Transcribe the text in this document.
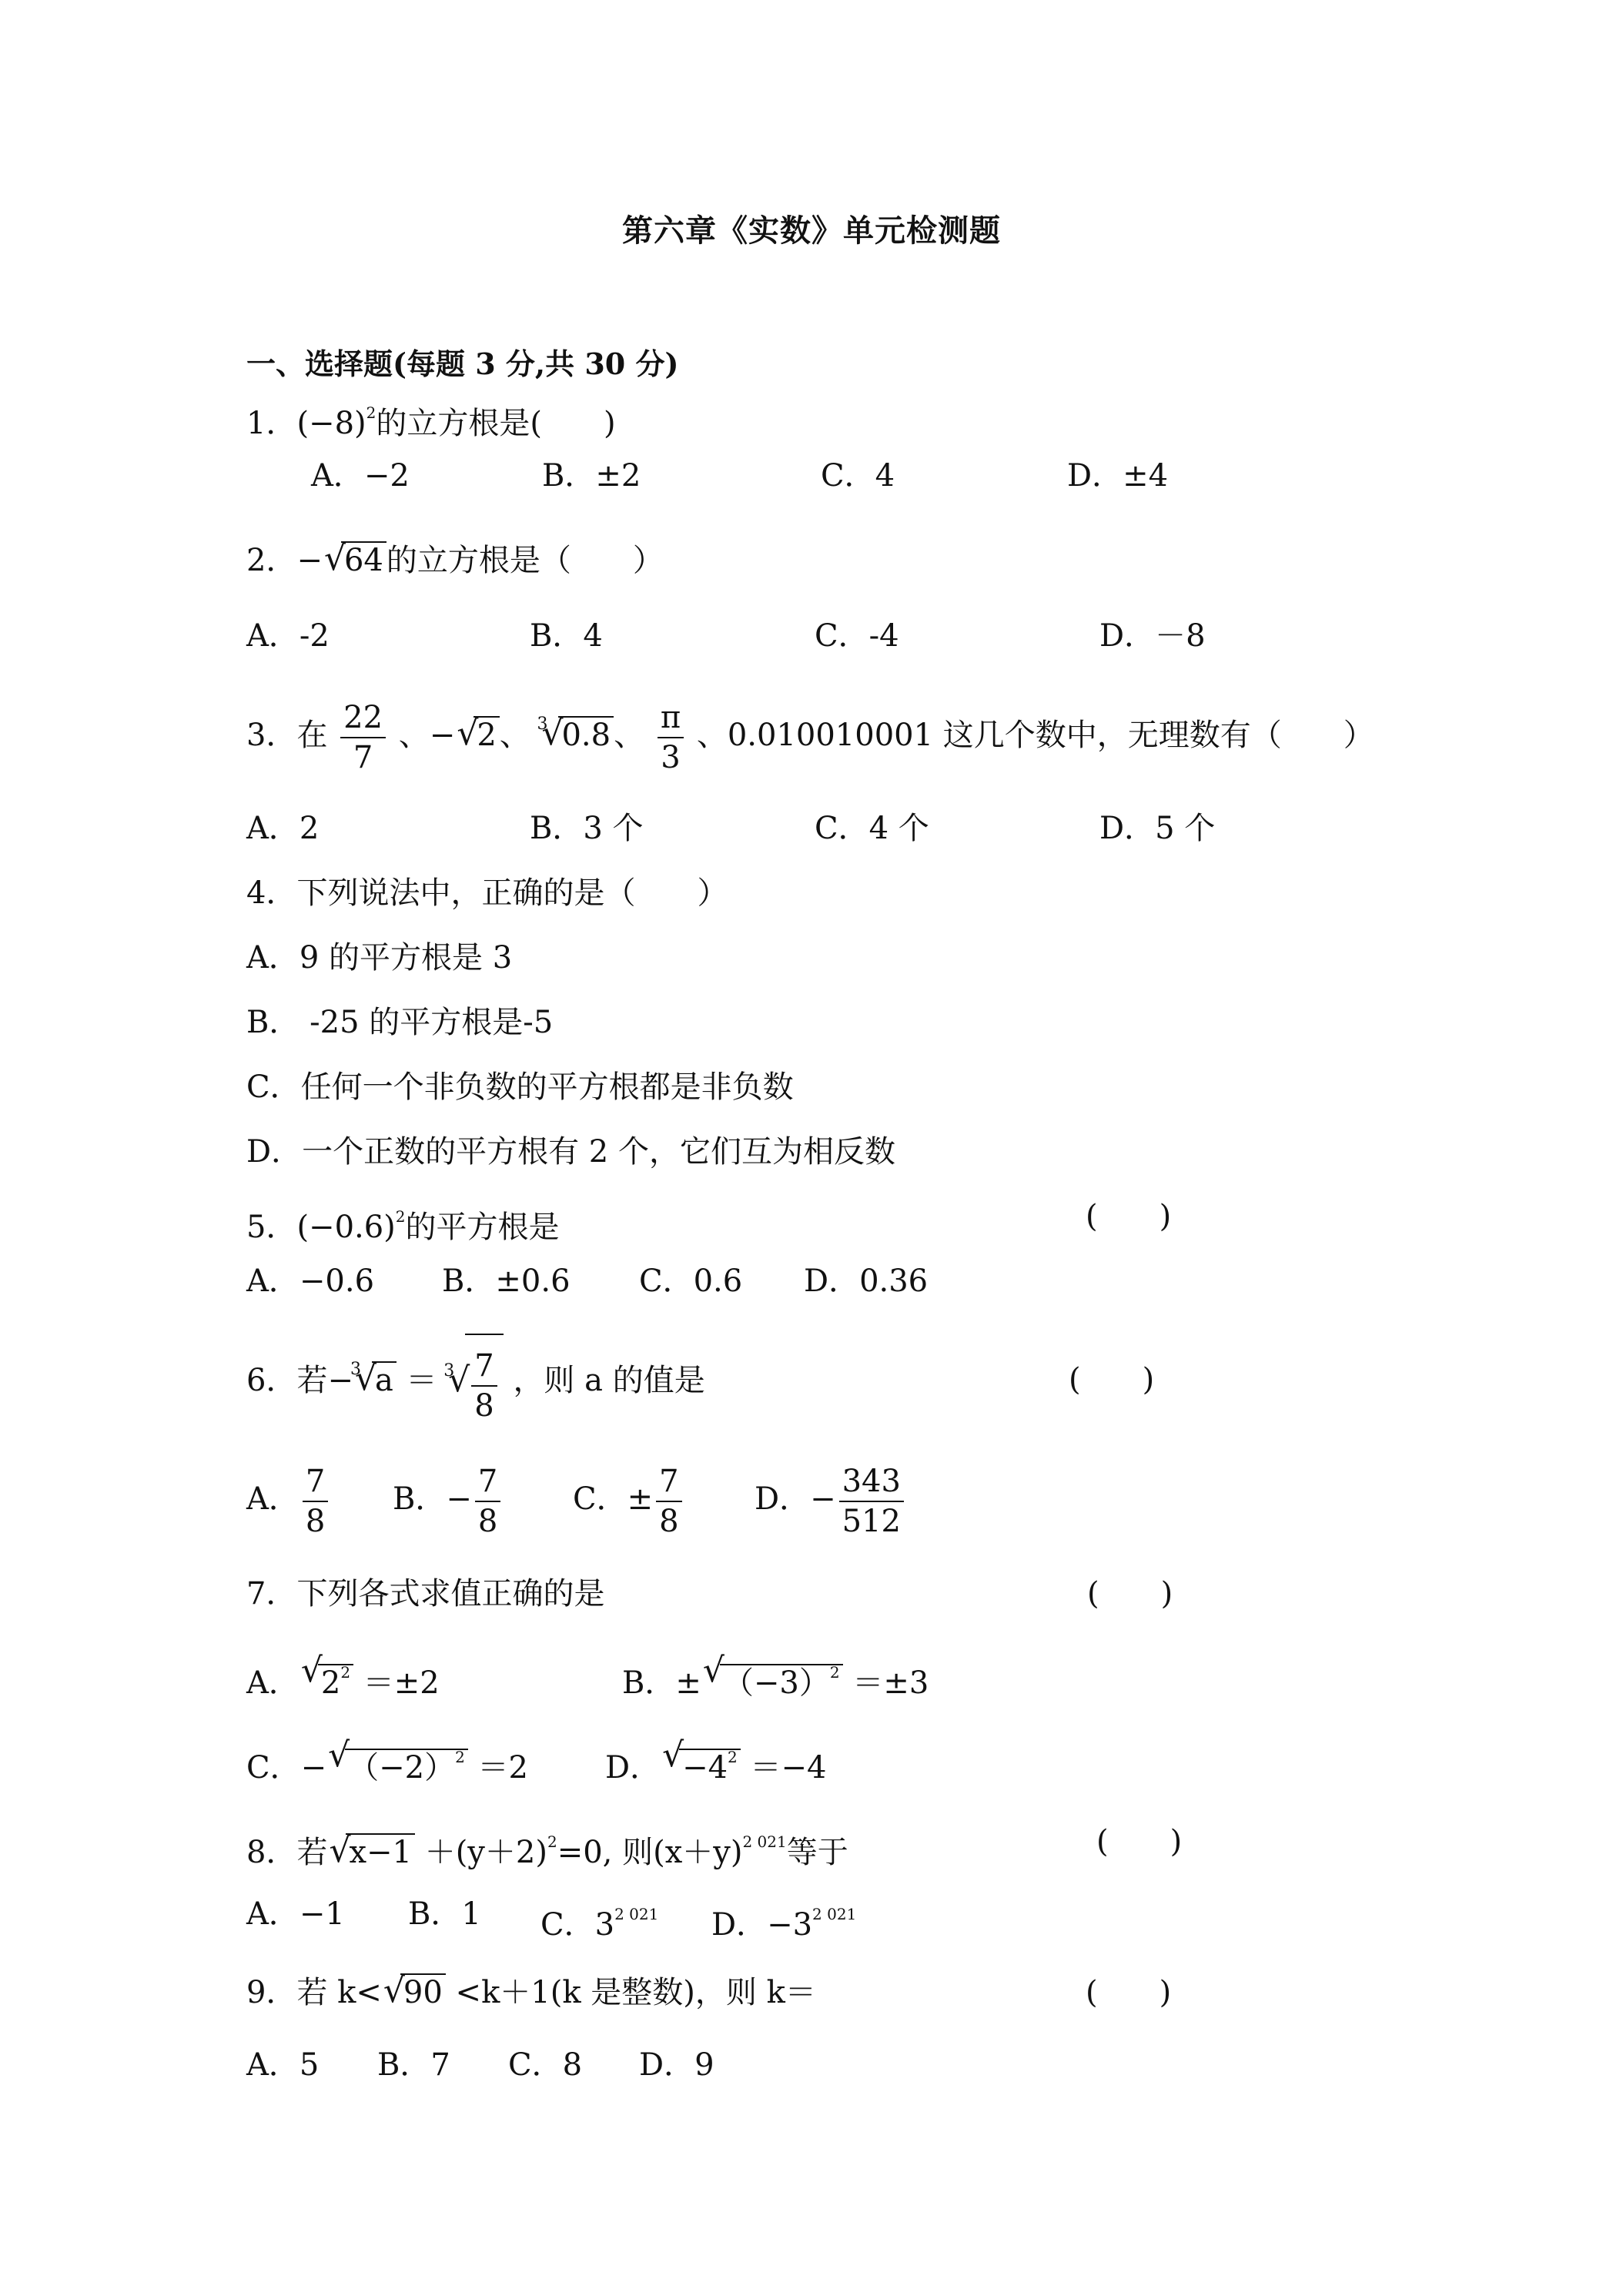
第六章《实数》单元检测题
一、选择题(每题 3 分,共 30 分)
1．$(-8)^2$的立方根是(　　)
A．−2	B．±2	C．4	D．±4
2．− √ 64 的立方根是（　　）
A．-2	B．4	C．-4	D．－8
3．在 $\frac{22}{7}$ 、− √ 2 、 √ 3 0.8 、 $\frac{\pi}{3}$ 、0.010010001 这几个数中，无理数有（　　）
A．2	B．3 个	C．4 个	D．5 个
4．下列说法中，正确的是（　　）
A．9 的平方根是 3
B． -25 的平方根是-5
C．任何一个非负数的平方根都是非负数
D．一个正数的平方根有 2 个，它们互为相反数
5．$(-0.6)^2$的平方根是	(　　)
A．−0.6 B．±0.6 C．0.6 D．0.36
6．若−
√ 3 a ＝ √ $3 \frac{7}{8}$ ，则 a 的值是	(　　)
A． $\frac{7}{8}$ B．− $\frac{7}{8}$ C．± $\frac{7}{8}$ D．− $\frac{343}{512}$
7．下列各式求值正确的是	(　　)
A． √ $2^2 =\pm 2$	B．± √ $(-3)^2 =\pm 3$
C．− √ $(-2)^2 =2$	D． √ $-4^2 =-4$
8．若 √ $x-1 +(y+2)^2=0$, 则$(x+y)^{2 021}$等于	(　　)
A．−1 B．1 C．$3^{2 021}$ D．$-3^{2 021}$
9．若 k< √ 90 <k＋1(k 是整数)，则 k＝	(　　)
A．5 B．7 C．8 D．9
